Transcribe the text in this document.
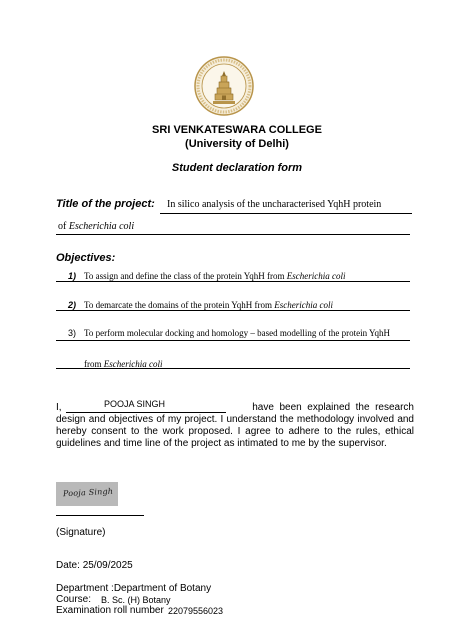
SRI VENKATESWARA COLLEGE
(University of Delhi)
Student declaration form
Title of the project: In silico analysis of the uncharacterised YqhH protein
of Escherichia coli
Objectives:
1) To assign and define the class of the protein YqhH from Escherichia coli
2) To demarcate the domains of the protein YqhH from Escherichia coli
3) To perform molecular docking and homology – based modelling of the protein YqhH
from Escherichia coli
I,	POOJA SINGH	have  been  explained  the  research
design and objectives of my project. I understand the methodology involved and hereby consent to the work proposed. I agree to adhere to the rules, ethical guidelines and time line of the project as intimated to me by the supervisor.
Pooja Singh
(Signature)
Date: 25/09/2025
Department :Department of Botany
Course: B. Sc. (H) Botany
Examination roll number 22079556023
